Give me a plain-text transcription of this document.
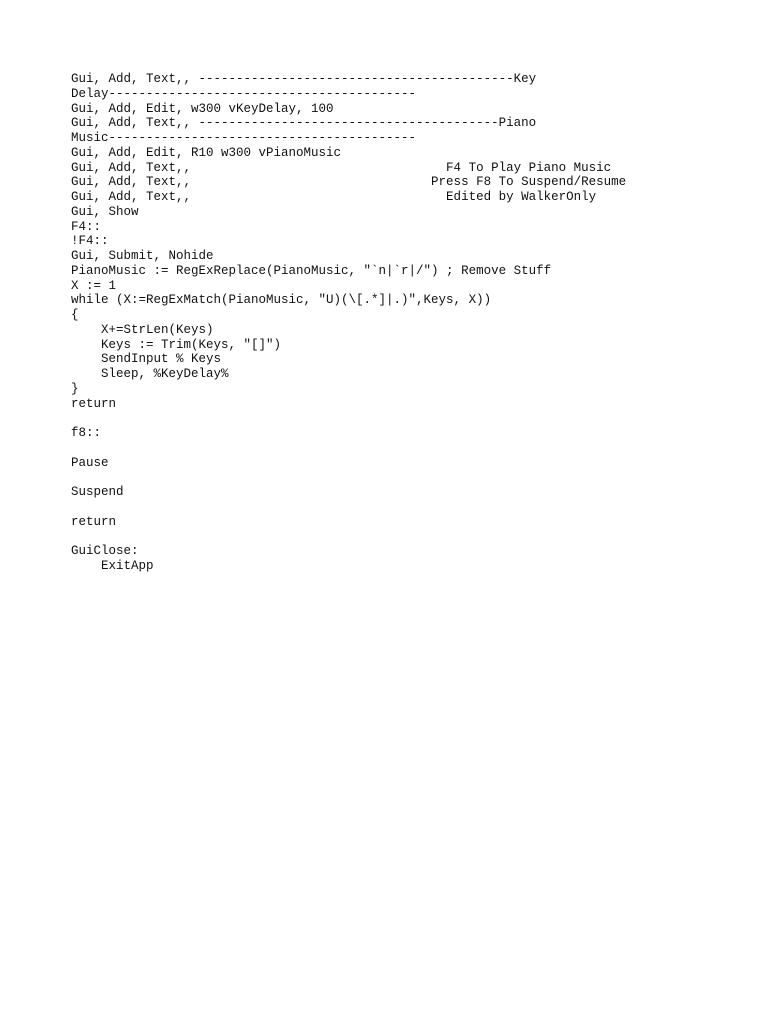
Gui, Add, Text,, ------------------------------------------Key
Delay-----------------------------------------
Gui, Add, Edit, w300 vKeyDelay, 100
Gui, Add, Text,, ----------------------------------------Piano
Music-----------------------------------------
Gui, Add, Edit, R10 w300 vPianoMusic
Gui, Add, Text,,                                  F4 To Play Piano Music
Gui, Add, Text,,                                Press F8 To Suspend/Resume
Gui, Add, Text,,                                  Edited by WalkerOnly
Gui, Show
F4::
!F4::
Gui, Submit, Nohide
PianoMusic := RegExReplace(PianoMusic, "`n|`r|/") ; Remove Stuff
X := 1
while (X:=RegExMatch(PianoMusic, "U)(\[.*]|.)",Keys, X))
{
X+=StrLen(Keys)
Keys := Trim(Keys, "[]")
SendInput % Keys
Sleep, %KeyDelay%
}
return
f8::
Pause
Suspend
return
GuiClose:
ExitApp
